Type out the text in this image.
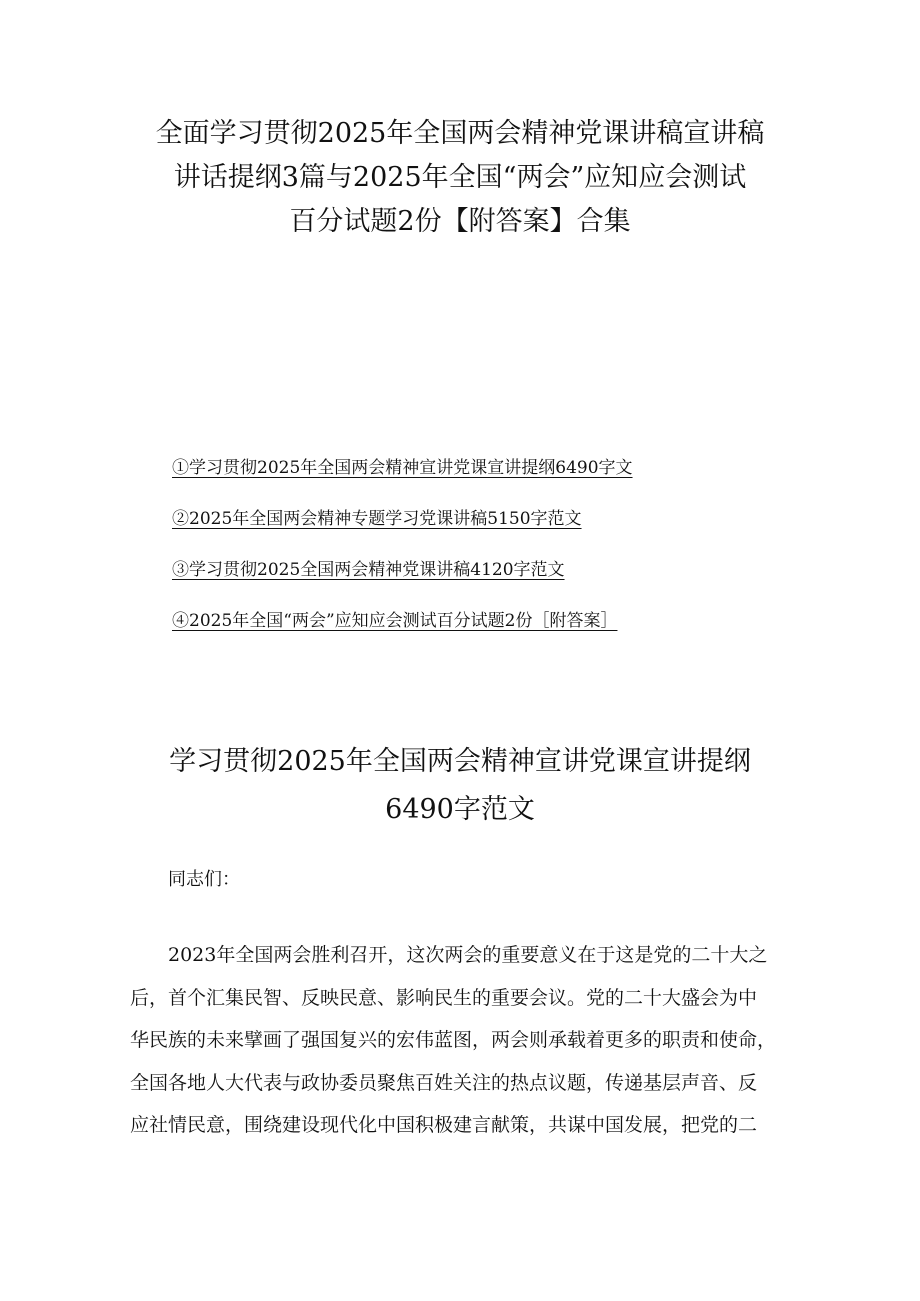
全面学习贯彻2025年全国两会精神党课讲稿宣讲稿
讲话提纲3篇与2025年全国“两会”应知应会测试
百分试题2份【附答案】合集
①学习贯彻2025年全国两会精神宣讲党课宣讲提纲6490字文
②2025年全国两会精神专题学习党课讲稿5150字范文
③学习贯彻2025全国两会精神党课讲稿4120字范文
④2025年全国“两会”应知应会测试百分试题2份［附答案］
学习贯彻2025年全国两会精神宣讲党课宣讲提纲
6490字范文

同志们：

2023年全国两会胜利召开，这次两会的重要意义在于这是党的二十大之
后，首个汇集民智、反映民意、影响民生的重要会议。党的二十大盛会为中
华民族的未来擘画了强国复兴的宏伟蓝图，两会则承载着更多的职责和使命，
全国各地人大代表与政协委员聚焦百姓关注的热点议题，传递基层声音、反
应社情民意，围绕建设现代化中国积极建言献策，共谋中国发展，把党的二
